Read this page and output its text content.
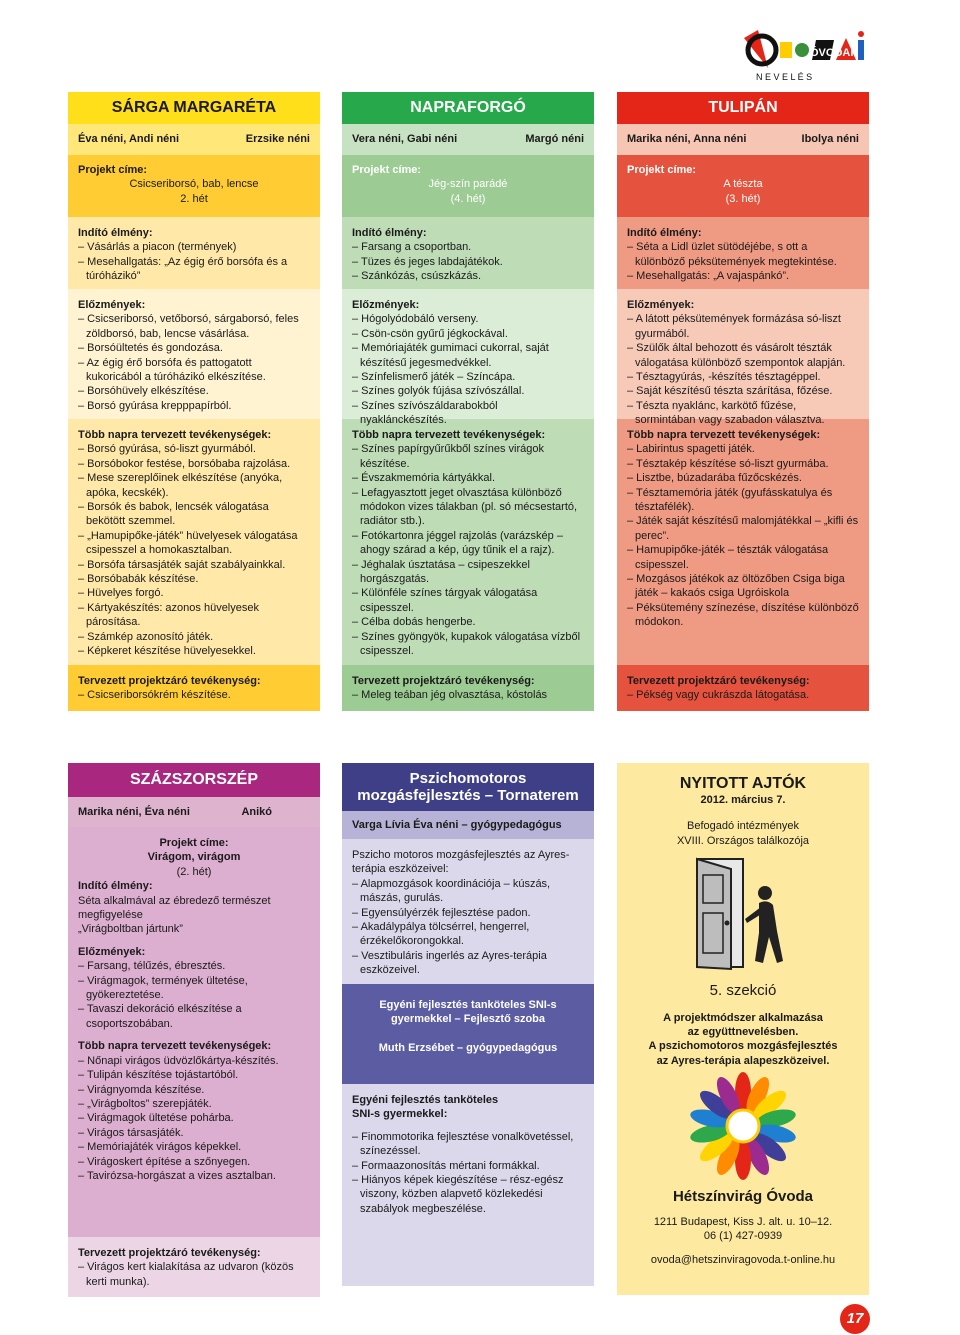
ÓVODAI
N E V E L É S
SÁRGA MARGARÉTA
Éva néni, Andi néni	Erzsike néni
Projekt címe:
Csicseriborsó, bab, lencse
2. hét
Indító élmény:
– Vásárlás a piacon (termények)
– Mesehallgatás: „Az égig érő borsófa és a túróházikó”
Előzmények:
– Csicseriborsó, vetőborsó, sárgaborsó, feles zöldborsó, bab, lencse vásárlása.
– Borsóültetés és gondozása.
– Az égig érő borsófa és pattogatott kukoricából a túróházikó elkészítése.
– Borsóhüvely elkészítése.
– Borsó gyúrása krepppapírból.
Több napra tervezett tevékenységek:
– Borsó gyúrása, só-liszt gyurmából.
– Borsóbokor festése, borsóbaba rajzolása.
– Mese szereplőinek elkészítése (anyóka, apóka, kecskék).
– Borsók és babok, lencsék válogatása bekötött szemmel.
– „Hamupipőke-játék” hüvelyesek válogatása csipesszel a homokasztalban.
– Borsófa társasjáték saját szabályainkkal.
– Borsóbabák készítése.
– Hüvelyes forgó.
– Kártyakészítés: azonos hüvelyesek párosítása.
– Számkép azonosító játék.
– Képkeret készítése hüvelyesekkel.
Tervezett projektzáró tevékenység:
– Csicseriborsókrém készítése.
NAPRAFORGÓ
Vera néni, Gabi néni	Margó néni
Projekt címe:
Jég-szín parádé
(4. hét)
Indító élmény:
– Farsang a csoportban.
– Tüzes és jeges labdajátékok.
– Szánkózás, csúszkázás.
Előzmények:
– Hógolyódobáló verseny.
– Csön-csön gyűrű jégkockával.
– Memóriajáték gumimaci cukorral, saját készítésű jegesmedvékkel.
– Színfelismerő játék – Színcápa.
– Színes golyók fújása szívószállal.
– Színes szívószáldarabokból nyaklánckészítés.
Több napra tervezett tevékenységek:
– Színes papírgyűrűkből színes virágok készítése.
– Évszakmemória kártyákkal.
– Lefagyasztott jeget olvasztása különböző módokon vizes tálakban (pl. só mécsestartó, radiátor stb.).
– Fotókartonra jéggel rajzolás (varázskép – ahogy szárad a kép, úgy tűnik el a rajz).
– Jéghalak úsztatása – csipeszekkel horgászgatás.
– Különféle színes tárgyak válogatása csipesszel.
– Célba dobás hengerbe.
– Színes gyöngyök, kupakok válogatása vízből csipesszel.
Tervezett projektzáró tevékenység:
– Meleg teában jég olvasztása, kóstolás
TULIPÁN
Marika néni, Anna néni	Ibolya néni
Projekt címe:
A tészta
(3. hét)
Indító élmény:
– Séta a Lidl üzlet sütödéjébe, s ott a különböző péksütemények megtekintése.
– Mesehallgatás: „A vajaspánkó”.
Előzmények:
– A látott péksütemények formázása só-liszt gyurmából.
– Szülők által behozott és vásárolt tészták válogatása különböző szempontok alapján.
– Tésztagyúrás, -készítés tésztagéppel.
– Saját készítésű tészta szárítása, főzése.
– Tészta nyaklánc, karkötő fűzése, sormintában vagy szabadon választva.
Több napra tervezett tevékenységek:
– Labirintus spagetti játék.
– Tésztakép készítése só-liszt gyurmába.
– Lisztbe, búzadarába fűzőcskézés.
– Tésztamemória játék (gyufásskatulya és tésztafélék).
– Játék saját készítésű malomjátékkal – „kifli és perec”.
– Hamupipőke-játék – tészták válogatása csipesszel.
– Mozgásos játékok az öltözőben Csiga biga játék – kakaós csiga Ugróiskola
– Péksütemény színezése, díszítése különböző módokon.
Tervezett projektzáró tevékenység:
– Pékség vagy cukrászda látogatása.
SZÁZSZORSZÉP
Marika néni, Éva néni	Anikó
Projekt címe:
Virágom, virágom
(2. hét)
Indító élmény:
Séta alkalmával az ébredező természet megfigyelése
„Virágboltban jártunk”
Előzmények:
– Farsang, télűzés, ébresztés.
– Virágmagok, termények ültetése, gyökereztetése.
– Tavaszi dekoráció elkészítése a csoportszobában.
Több napra tervezett tevékenységek:
– Nőnapi virágos üdvözlőkártya-készítés.
– Tulipán készítése tojástartóból.
– Virágnyomda készítése.
– „Virágboltos” szerepjáték.
– Virágmagok ültetése pohárba.
– Virágos társasjáték.
– Memóriajáték virágos képekkel.
– Virágoskert építése a szőnyegen.
– Tavirózsa-horgászat a vizes asztalban.
Tervezett projektzáró tevékenység:
– Virágos kert kialakítása az udvaron (közös kerti munka).
Pszichomotoros
mozgásfejlesztés – Tornaterem
Varga Lívia Éva néni – gyógypedagógus
Pszicho motoros mozgásfejlesztés az Ayres-terápia eszközeivel:
– Alapmozgások koordinációja – kúszás, mászás, gurulás.
– Egyensúlyérzék fejlesztése padon.
– Akadálypálya tölcsérrel, hengerrel, érzékelőkorongokkal.
– Vesztibuláris ingerlés az Ayres-terápia eszközeivel.
Egyéni fejlesztés tanköteles SNI-s
gyermekkel – Fejlesztő szoba
Muth Erzsébet – gyógypedagógus
Egyéni fejlesztés tanköteles
SNI-s gyermekkel:
– Finommotorika fejlesztése vonalkövetéssel, színezéssel.
– Formaazonosítás mértani formákkal.
– Hiányos képek kiegészítése – rész-egész viszony, közben alapvető közlekedési szabályok megbeszélése.
NYITOTT AJTÓK
2012. március 7.
Befogadó intézmények
XVIII. Országos találkozója
5. szekció
A projektmódszer alkalmazása
az együttnevelésben.
A pszichomotoros mozgásfejlesztés
az Ayres-terápia alapeszközeivel.
Hétszínvirág Óvoda
1211 Budapest, Kiss J. alt. u. 10–12.
06 (1) 427-0939
ovoda@hetszinviragovoda.t-online.hu
17
